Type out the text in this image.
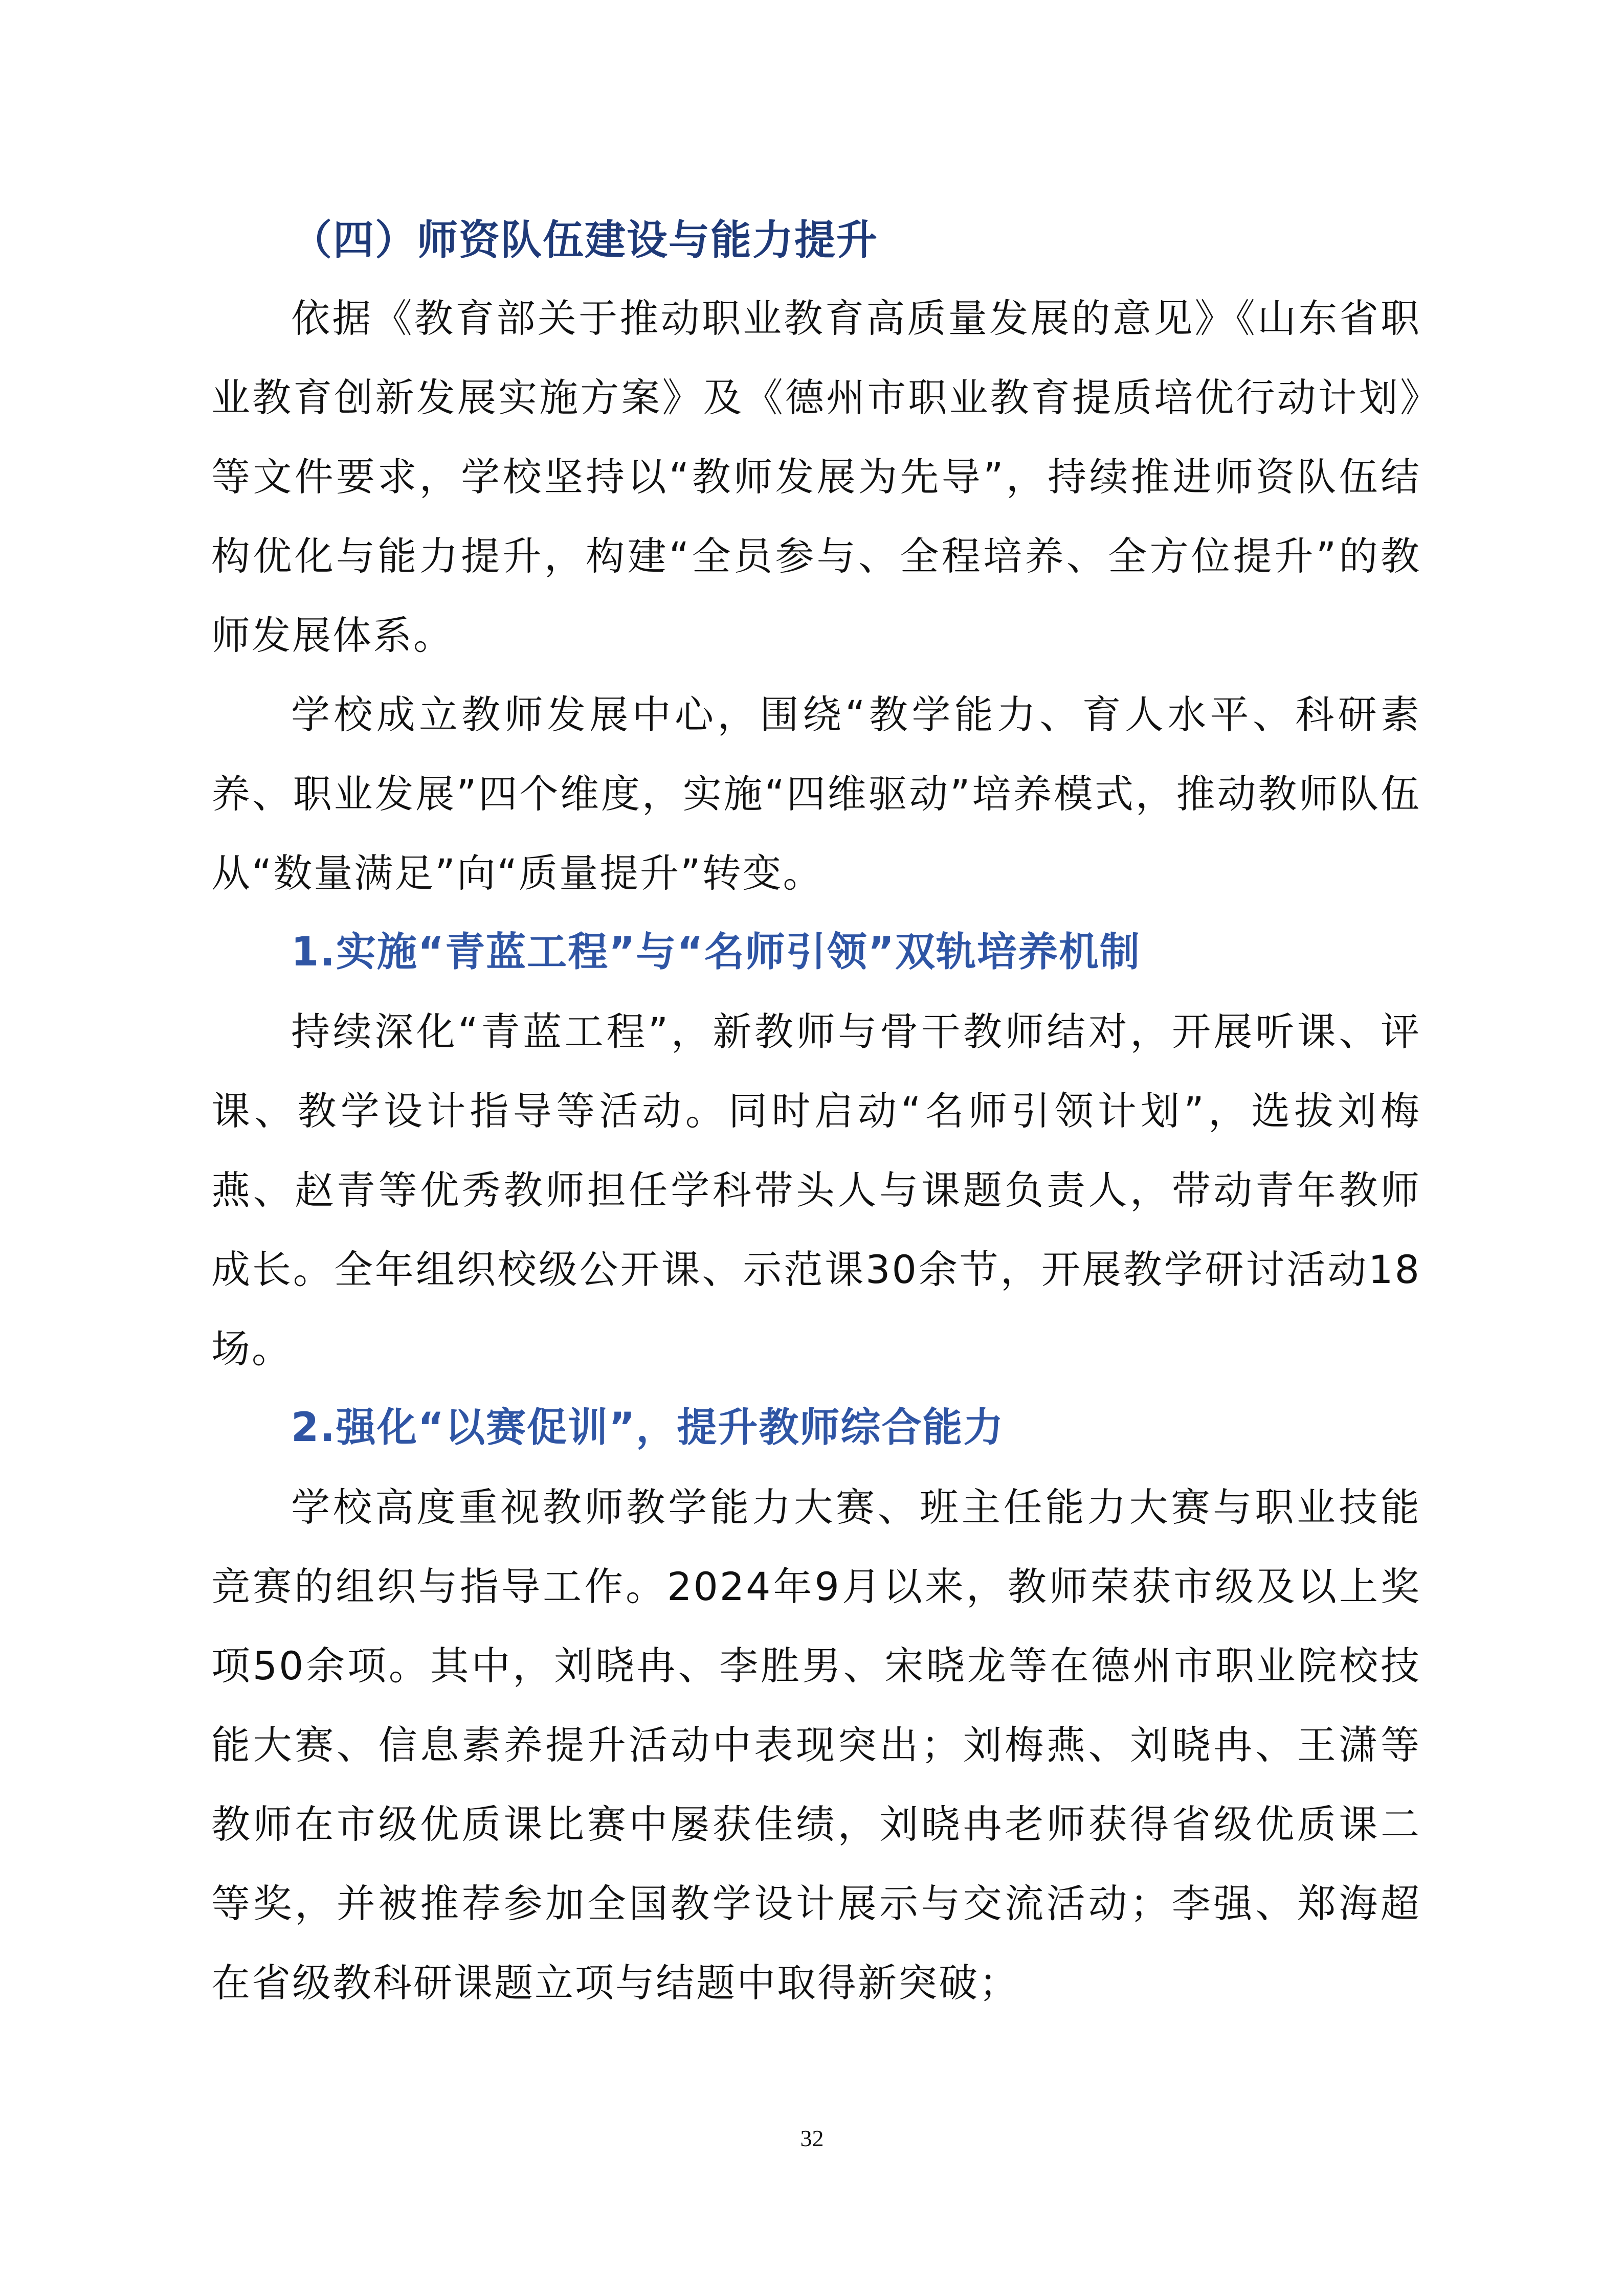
（四）师资队伍建设与能力提升

依据《教育部关于推动职业教育高质量发展的意见》《山东省职业教育创新发展实施方案》及《德州市职业教育提质培优行动计划》等文件要求，学校坚持以“教师发展为先导”，持续推进师资队伍结构优化与能力提升，构建“全员参与、全程培养、全方位提升”的教师发展体系。

学校成立教师发展中心，围绕“教学能力、育人水平、科研素养、职业发展”四个维度，实施“四维驱动”培养模式，推动教师队伍从“数量满足”向“质量提升”转变。

1.实施“青蓝工程”与“名师引领”双轨培养机制

持续深化“青蓝工程”，新教师与骨干教师结对，开展听课、评课、教学设计指导等活动。同时启动“名师引领计划”，选拔刘梅燕、赵青等优秀教师担任学科带头人与课题负责人，带动青年教师成长。全年组织校级公开课、示范课30余节，开展教学研讨活动18场。

2.强化“以赛促训”，提升教师综合能力

学校高度重视教师教学能力大赛、班主任能力大赛与职业技能竞赛的组织与指导工作。2024年9月以来，教师荣获市级及以上奖项50余项。其中，刘晓冉、李胜男、宋晓龙等在德州市职业院校技能大赛、信息素养提升活动中表现突出；刘梅燕、刘晓冉、王潇等教师在市级优质课比赛中屡获佳绩，刘晓冉老师获得省级优质课二等奖，并被推荐参加全国教学设计展示与交流活动；李强、郑海超在省级教科研课题立项与结题中取得新突破；

32
